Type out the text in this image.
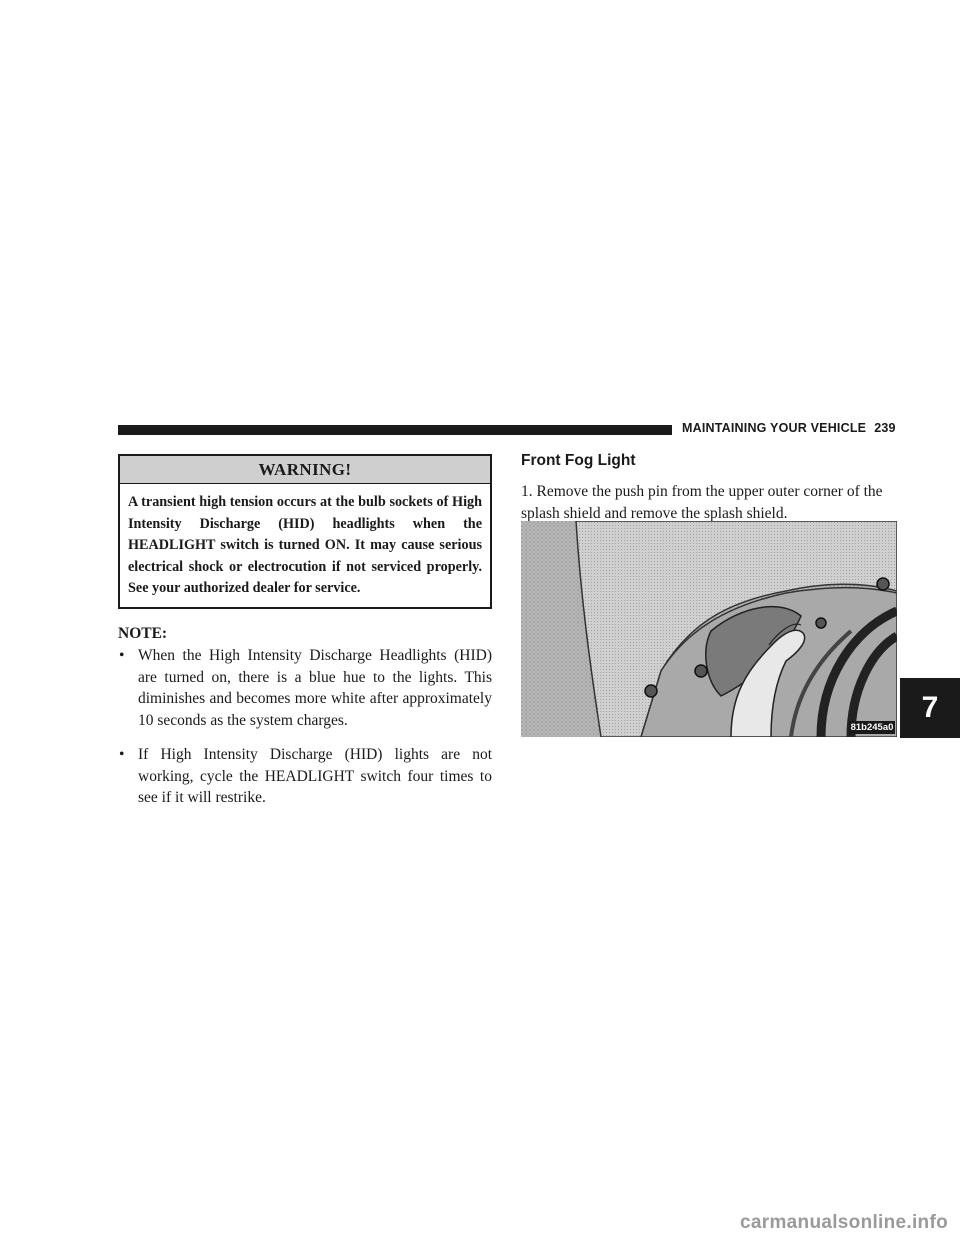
MAINTAINING YOUR VEHICLE 239
WARNING!
A transient high tension occurs at the bulb sockets of High Intensity Discharge (HID) headlights when the HEADLIGHT switch is turned ON. It may cause serious electrical shock or electrocution if not serviced properly. See your authorized dealer for service.
NOTE:
• When the High Intensity Discharge Headlights (HID) are turned on, there is a blue hue to the lights. This diminishes and becomes more white after approximately 10 seconds as the system charges.
• If High Intensity Discharge (HID) lights are not working, cycle the HEADLIGHT switch four times to see if it will restrike.
Front Fog Light
1. Remove the push pin from the upper outer corner of the splash shield and remove the splash shield.
81b245a0
7
carmanualsonline.info
